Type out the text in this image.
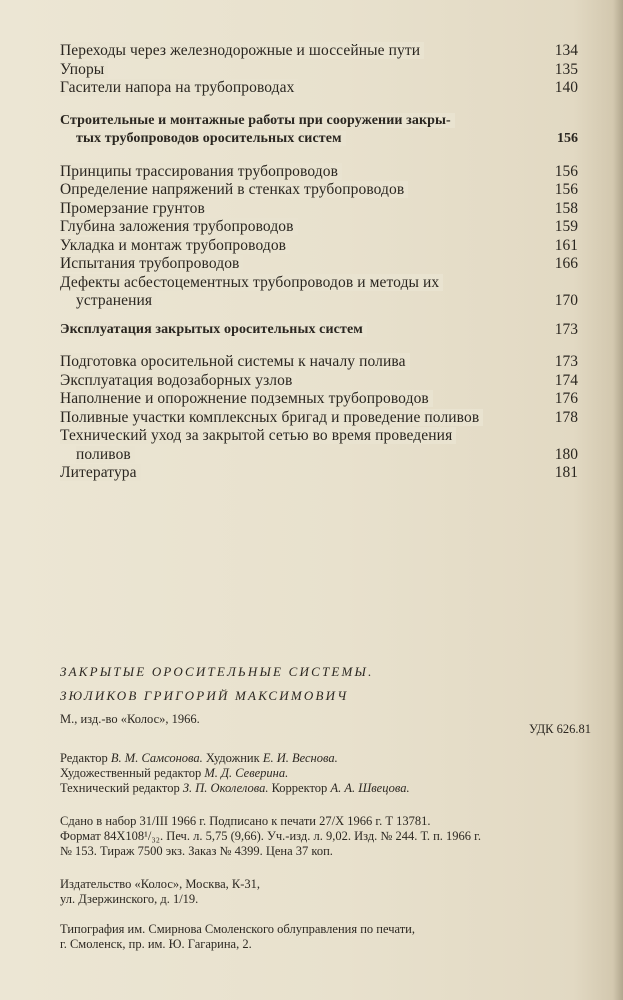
Переходы через железнодорожные и шоссейные пути	134
Упоры	135
Гасители напора на трубопроводах	140
Строительные и монтажные работы при сооружении закры-
тых трубопроводов оросительных систем	156
Принципы трассирования трубопроводов	156
Определение напряжений в стенках трубопроводов	156
Промерзание грунтов	158
Глубина заложения трубопроводов	159
Укладка и монтаж трубопроводов	161
Испытания трубопроводов	166
Дефекты асбестоцементных трубопроводов и методы их
устранения	170
Эксплуатация закрытых оросительных систем	173
Подготовка оросительной системы к началу полива	173
Эксплуатация водозаборных узлов	174
Наполнение и опорожнение подземных трубопроводов	176
Поливные участки комплексных бригад и проведение поливов	178
Технический уход за закрытой сетью во время проведения
поливов	180
Литература	181
УДК 626.81
ЗАКРЫТЫЕ ОРОСИТЕЛЬНЫЕ СИСТЕМЫ.
ЗЮЛИКОВ ГРИГОРИЙ МАКСИМОВИЧ
М., изд.-во «Колос», 1966.
Редактор В. М. Самсонова. Художник Е. И. Веснова.
Художественный редактор М. Д. Северина.
Технический редактор З. П. Околелова. Корректор А. А. Швецова.
Сдано в набор 31/III 1966 г. Подписано к печати 27/X 1966 г. Т 13781.
Формат 84X108¹/₃₂. Печ. л. 5,75 (9,66). Уч.-изд. л. 9,02. Изд. № 244. Т. п. 1966 г.
№ 153. Тираж 7500 экз. Заказ № 4399. Цена 37 коп.
Издательство «Колос», Москва, К-31,
ул. Дзержинского, д. 1/19.
Типография им. Смирнова Смоленского облуправления по печати,
г. Смоленск, пр. им. Ю. Гагарина, 2.
